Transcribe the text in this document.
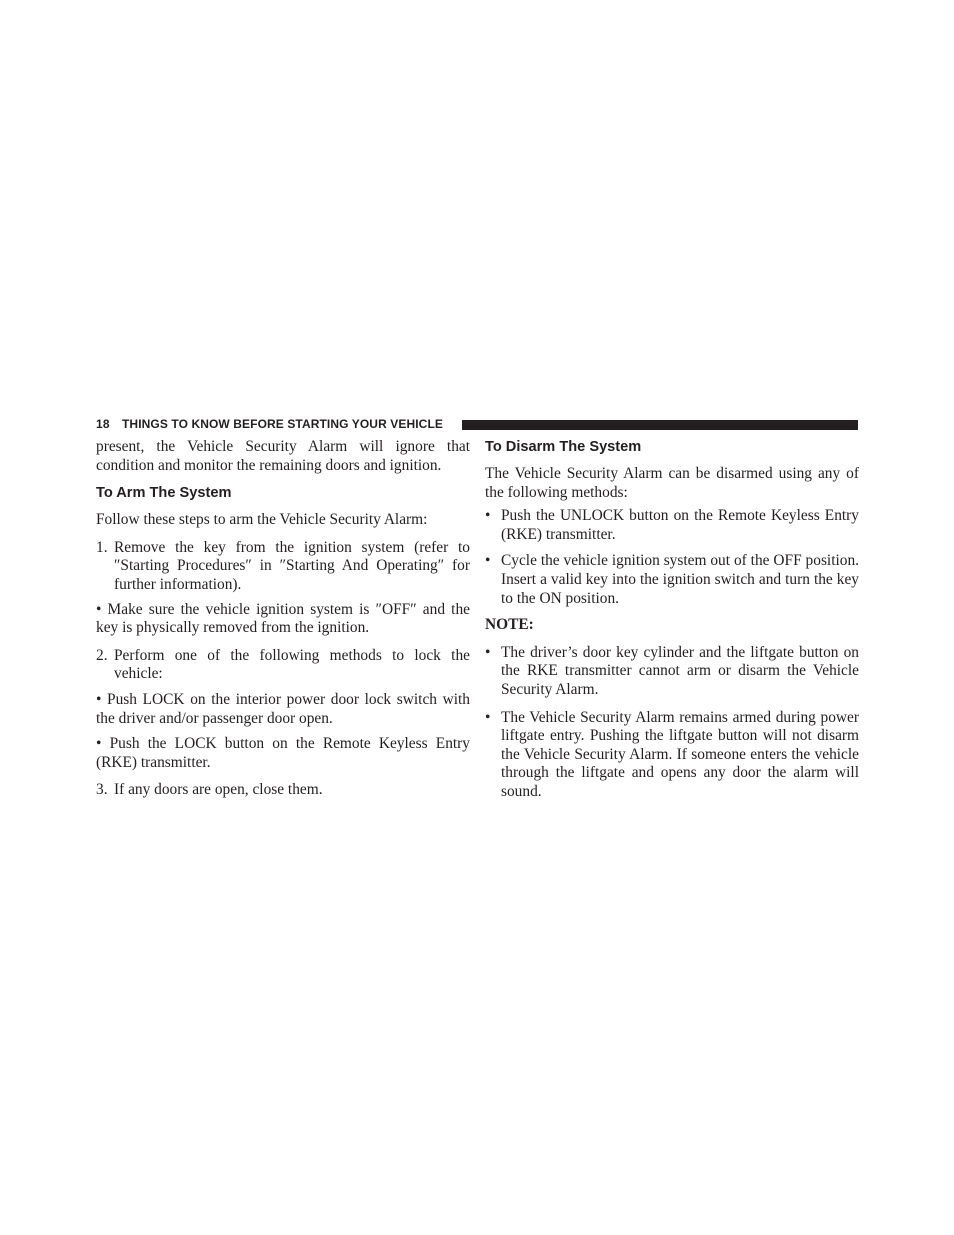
18 THINGS TO KNOW BEFORE STARTING YOUR VEHICLE

present, the Vehicle Security Alarm will ignore that condition and monitor the remaining doors and ignition.

To Arm The System

Follow these steps to arm the Vehicle Security Alarm:

1. Remove the key from the ignition system (refer to ″Starting Procedures″ in ″Starting And Operating″ for further information).

• Make sure the vehicle ignition system is ″OFF″ and the key is physically removed from the ignition.

2. Perform one of the following methods to lock the vehicle:

• Push LOCK on the interior power door lock switch with the driver and/or passenger door open.

• Push the LOCK button on the Remote Keyless Entry (RKE) transmitter.

3. If any doors are open, close them.
To Disarm The System

The Vehicle Security Alarm can be disarmed using any of the following methods:

• Push the UNLOCK button on the Remote Keyless Entry (RKE) transmitter.
• Cycle the vehicle ignition system out of the OFF position. Insert a valid key into the ignition switch and turn the key to the ON position.

NOTE:

• The driver’s door key cylinder and the liftgate button on the RKE transmitter cannot arm or disarm the Vehicle Security Alarm.
• The Vehicle Security Alarm remains armed during power liftgate entry. Pushing the liftgate button will not disarm the Vehicle Security Alarm. If someone enters the vehicle through the liftgate and opens any door the alarm will sound.
